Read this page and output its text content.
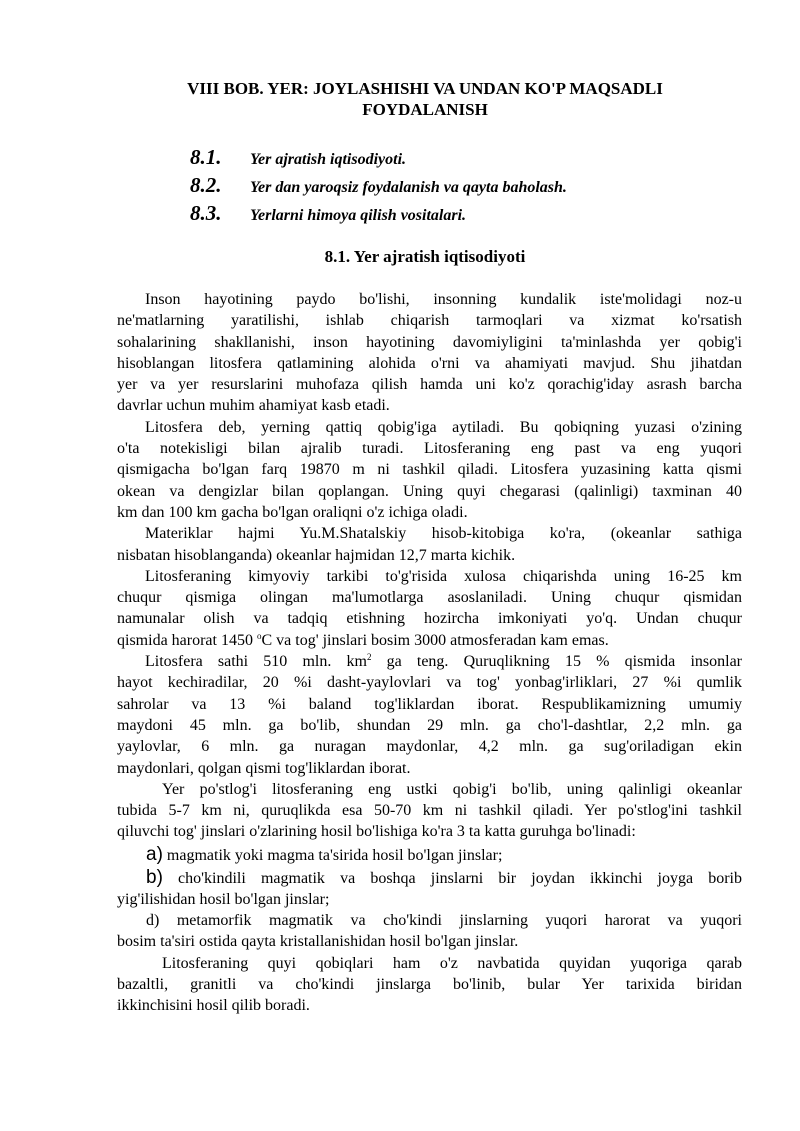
VIII BOB. YER: JOYLASHISHI VA UNDAN KO'P MAQSADLI
FOYDALANISH
8.1. Yer ajratish iqtisodiyoti.
8.2. Yer dan yaroqsiz foydalanish va qayta baholash.
8.3. Yerlarni himoya qilish vositalari.
8.1. Yer ajratish iqtisodiyoti
Inson hayotining paydo bo'lishi, insonning kundalik iste'molidagi noz-u
ne'matlarning yaratilishi, ishlab chiqarish tarmoqlari va xizmat ko'rsatish
sohalarining shakllanishi, inson hayotining davomiyligini ta'minlashda yer qobig'i
hisoblangan litosfera qatlamining alohida o'rni va ahamiyati mavjud. Shu jihatdan
yer va yer resurslarini muhofaza qilish hamda uni ko'z qorachig'iday asrash barcha
davrlar uchun muhim ahamiyat kasb etadi.
Litosfera deb, yerning qattiq qobig'iga aytiladi. Bu qobiqning yuzasi o'zining
o'ta notekisligi bilan ajralib turadi. Litosferaning eng past va eng yuqori
qismigacha bo'lgan farq 19870 m ni tashkil qiladi. Litosfera yuzasining katta qismi
okean va dengizlar bilan qoplangan. Uning quyi chegarasi (qalinligi) taxminan 40
km dan 100 km gacha bo'lgan oraliqni o'z ichiga oladi.
Materiklar hajmi Yu.M.Shatalskiy hisob-kitobiga ko'ra, (okeanlar sathiga
nisbatan hisoblanganda) okeanlar hajmidan 12,7 marta kichik.
Litosferaning kimyoviy tarkibi to'g'risida xulosa chiqarishda uning 16-25 km
chuqur qismiga olingan ma'lumotlarga asoslaniladi. Uning chuqur qismidan
namunalar olish va tadqiq etishning hozircha imkoniyati yo'q. Undan chuqur
qismida harorat 1450 $^o$C va tog' jinslari bosim 3000 atmosferadan kam emas.
Litosfera sathi 510 mln. $km^2$ ga teng. Quruqlikning 15 % qismida insonlar
hayot kechiradilar, 20 %i dasht-yaylovlari va tog' yonbag'irliklari, 27 %i qumlik
sahrolar va 13 %i baland tog'liklardan iborat. Respublikamizning umumiy
maydoni 45 mln. ga bo'lib, shundan 29 mln. ga cho'l-dashtlar, 2,2 mln. ga
yaylovlar, 6 mln. ga nuragan maydonlar, 4,2 mln. ga sug'oriladigan ekin
maydonlari, qolgan qismi tog'liklardan iborat.
Yer po'stlog'i litosferaning eng ustki qobig'i bo'lib, uning qalinligi okeanlar
tubida 5-7 km ni, quruqlikda esa 50-70 km ni tashkil qiladi. Yer po'stlog'ini tashkil
qiluvchi tog' jinslari o'zlarining hosil bo'lishiga ko'ra 3 ta katta guruhga bo'linadi:
a) magmatik yoki magma ta'sirida hosil bo'lgan jinslar;
b) cho'kindili magmatik va boshqa jinslarni bir joydan ikkinchi joyga borib
yig'ilishidan hosil bo'lgan jinslar;
d) metamorfik magmatik va cho'kindi jinslarning yuqori harorat va yuqori
bosim ta'siri ostida qayta kristallanishidan hosil bo'lgan jinslar.
Litosferaning quyi qobiqlari ham o'z navbatida quyidan yuqoriga qarab
bazaltli, granitli va cho'kindi jinslarga bo'linib, bular Yer tarixida biridan
ikkinchisini hosil qilib boradi.
